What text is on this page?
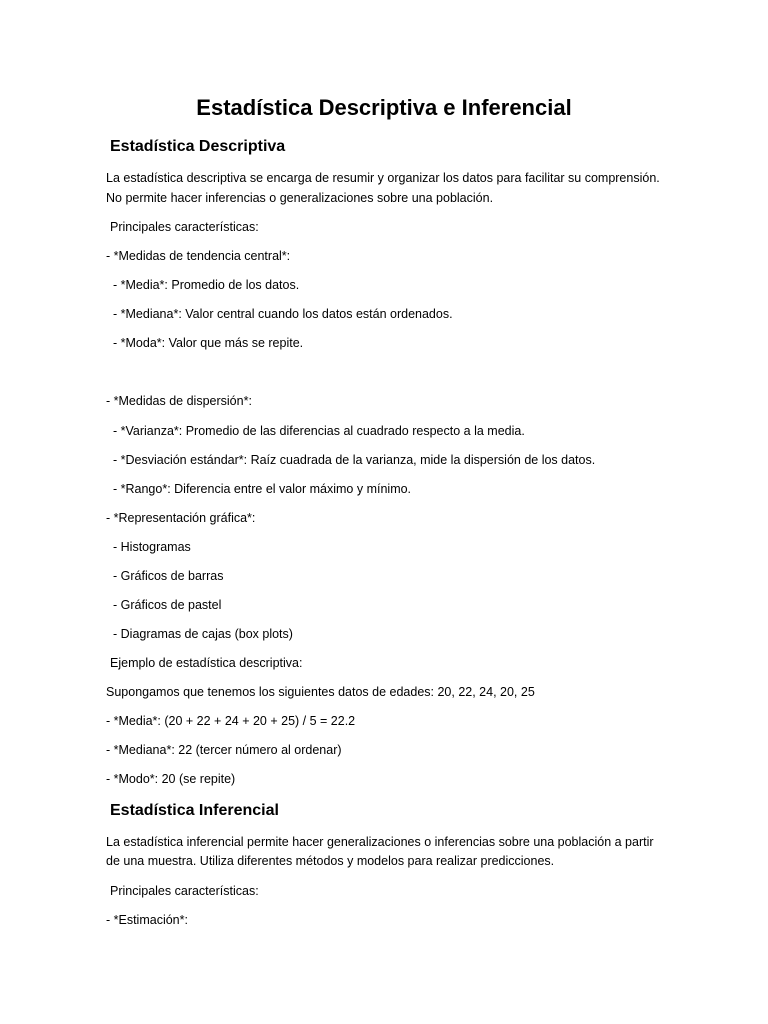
Estadística Descriptiva e Inferencial
Estadística Descriptiva
La estadística descriptiva se encarga de resumir y organizar los datos para facilitar su comprensión.
No permite hacer inferencias o generalizaciones sobre una población.
Principales características:
- *Medidas de tendencia central*:
- *Media*: Promedio de los datos.
- *Mediana*: Valor central cuando los datos están ordenados.
- *Moda*: Valor que más se repite.
- *Medidas de dispersión*:
- *Varianza*: Promedio de las diferencias al cuadrado respecto a la media.
- *Desviación estándar*: Raíz cuadrada de la varianza, mide la dispersión de los datos.
- *Rango*: Diferencia entre el valor máximo y mínimo.
- *Representación gráfica*:
- Histogramas
- Gráficos de barras
- Gráficos de pastel
- Diagramas de cajas (box plots)
Ejemplo de estadística descriptiva:
Supongamos que tenemos los siguientes datos de edades: 20, 22, 24, 20, 25
- *Media*: (20 + 22 + 24 + 20 + 25) / 5 = 22.2
- *Mediana*: 22 (tercer número al ordenar)
- *Modo*: 20 (se repite)
Estadística Inferencial
La estadística inferencial permite hacer generalizaciones o inferencias sobre una población a partir
de una muestra. Utiliza diferentes métodos y modelos para realizar predicciones.
Principales características:
- *Estimación*:
